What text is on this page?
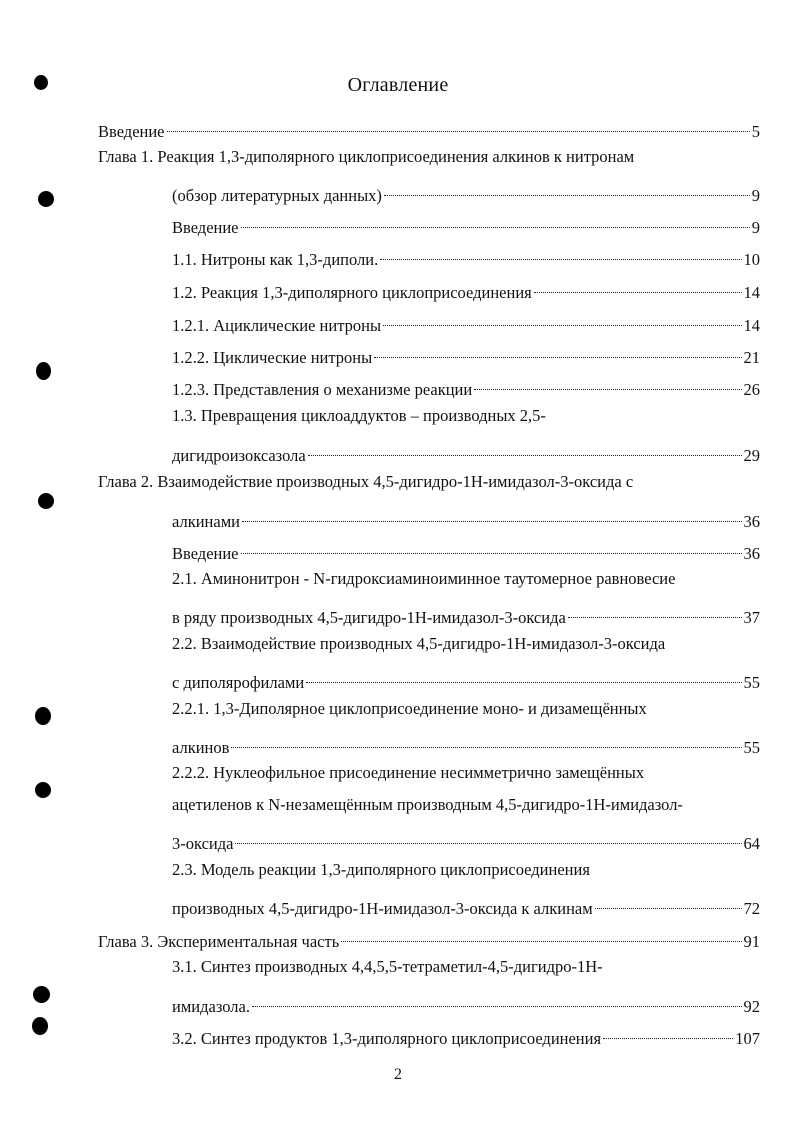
Оглавление
Введение	5
Глава 1. Реакция 1,3-диполярного циклоприсоединения алкинов к нитронам
(обзор литературных данных)	9
Введение	9
1.1. Нитроны как 1,3-диполи.	10
1.2. Реакция 1,3-диполярного циклоприсоединения	14
1.2.1. Ациклические нитроны	14
1.2.2. Циклические нитроны	21
1.2.3. Представления о механизме реакции	26
1.3. Превращения циклоаддуктов – производных 2,5-
дигидроизоксазола	29
Глава 2. Взаимодействие производных 4,5-дигидро-1Н-имидазол-3-оксида с
алкинами	36
Введение	36
2.1. Аминонитрон - N-гидроксиаминоиминное таутомерное равновесие
в ряду производных 4,5-дигидро-1Н-имидазол-3-оксида	37
2.2. Взаимодействие производных 4,5-дигидро-1Н-имидазол-3-оксида
с диполярофилами	55
2.2.1. 1,3-Диполярное циклоприсоединение моно- и дизамещённых
алкинов	55
2.2.2. Нуклеофильное присоединение несимметрично замещённых
ацетиленов к N-незамещённым производным 4,5-дигидро-1Н-имидазол-
3-оксида	64
2.3. Модель реакции 1,3-диполярного циклоприсоединения
производных 4,5-дигидро-1Н-имидазол-3-оксида к алкинам	72
Глава 3. Экспериментальная часть	91
3.1. Синтез производных 4,4,5,5-тетраметил-4,5-дигидро-1Н-
имидазола.	92
3.2. Синтез продуктов 1,3-диполярного циклоприсоединения	107
2
